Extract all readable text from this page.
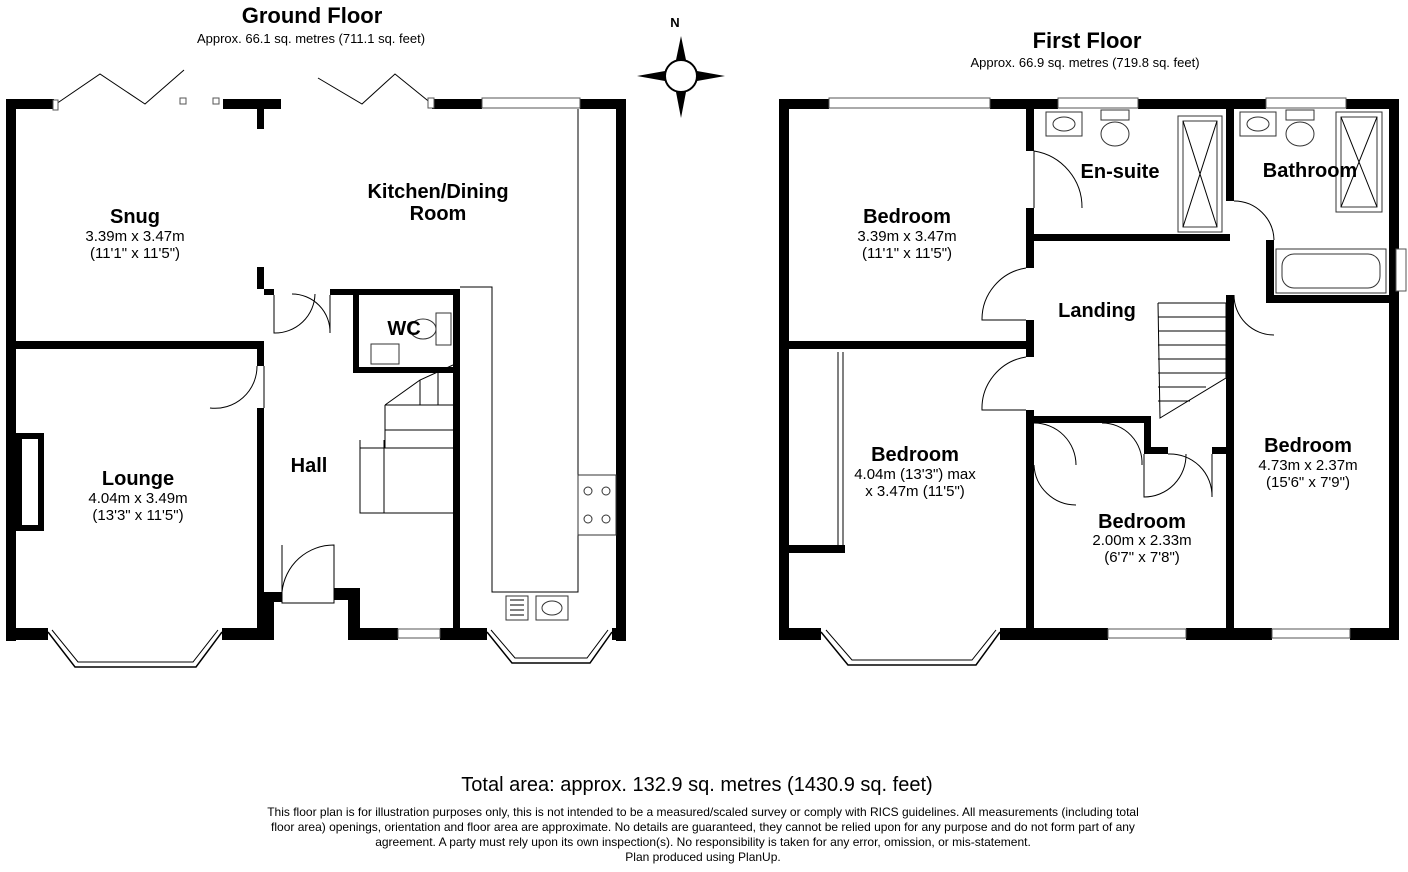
Ground Floor
Approx. 66.1 sq. metres (711.1 sq. feet)
Snug
3.39m x 3.47m
(11'1" x 11'5")
Kitchen/Dining
Room
WC
Lounge
4.04m x 3.49m
(13'3" x 11'5")
Hall
N
First Floor
Approx. 66.9 sq. metres (719.8 sq. feet)
Bedroom
3.39m x 3.47m
(11'1" x 11'5")
En-suite	Bathroom
Landing
Bedroom
4.04m (13'3") max
x 3.47m (11'5")
Bedroom
2.00m x 2.33m
(6'7" x 7'8")
Bedroom
4.73m x 2.37m
(15'6" x 7'9")
Total area: approx. 132.9 sq. metres (1430.9 sq. feet)
This floor plan is for illustration purposes only, this is not intended to be a measured/scaled survey or comply with RICS guidelines. All measurements (including total
floor area) openings, orientation and floor area are approximate. No details are guaranteed, they cannot be relied upon for any purpose and do not form part of any
agreement. A party must rely upon its own inspection(s). No responsibility is taken for any error, omission, or mis-statement.
Plan produced using PlanUp.
